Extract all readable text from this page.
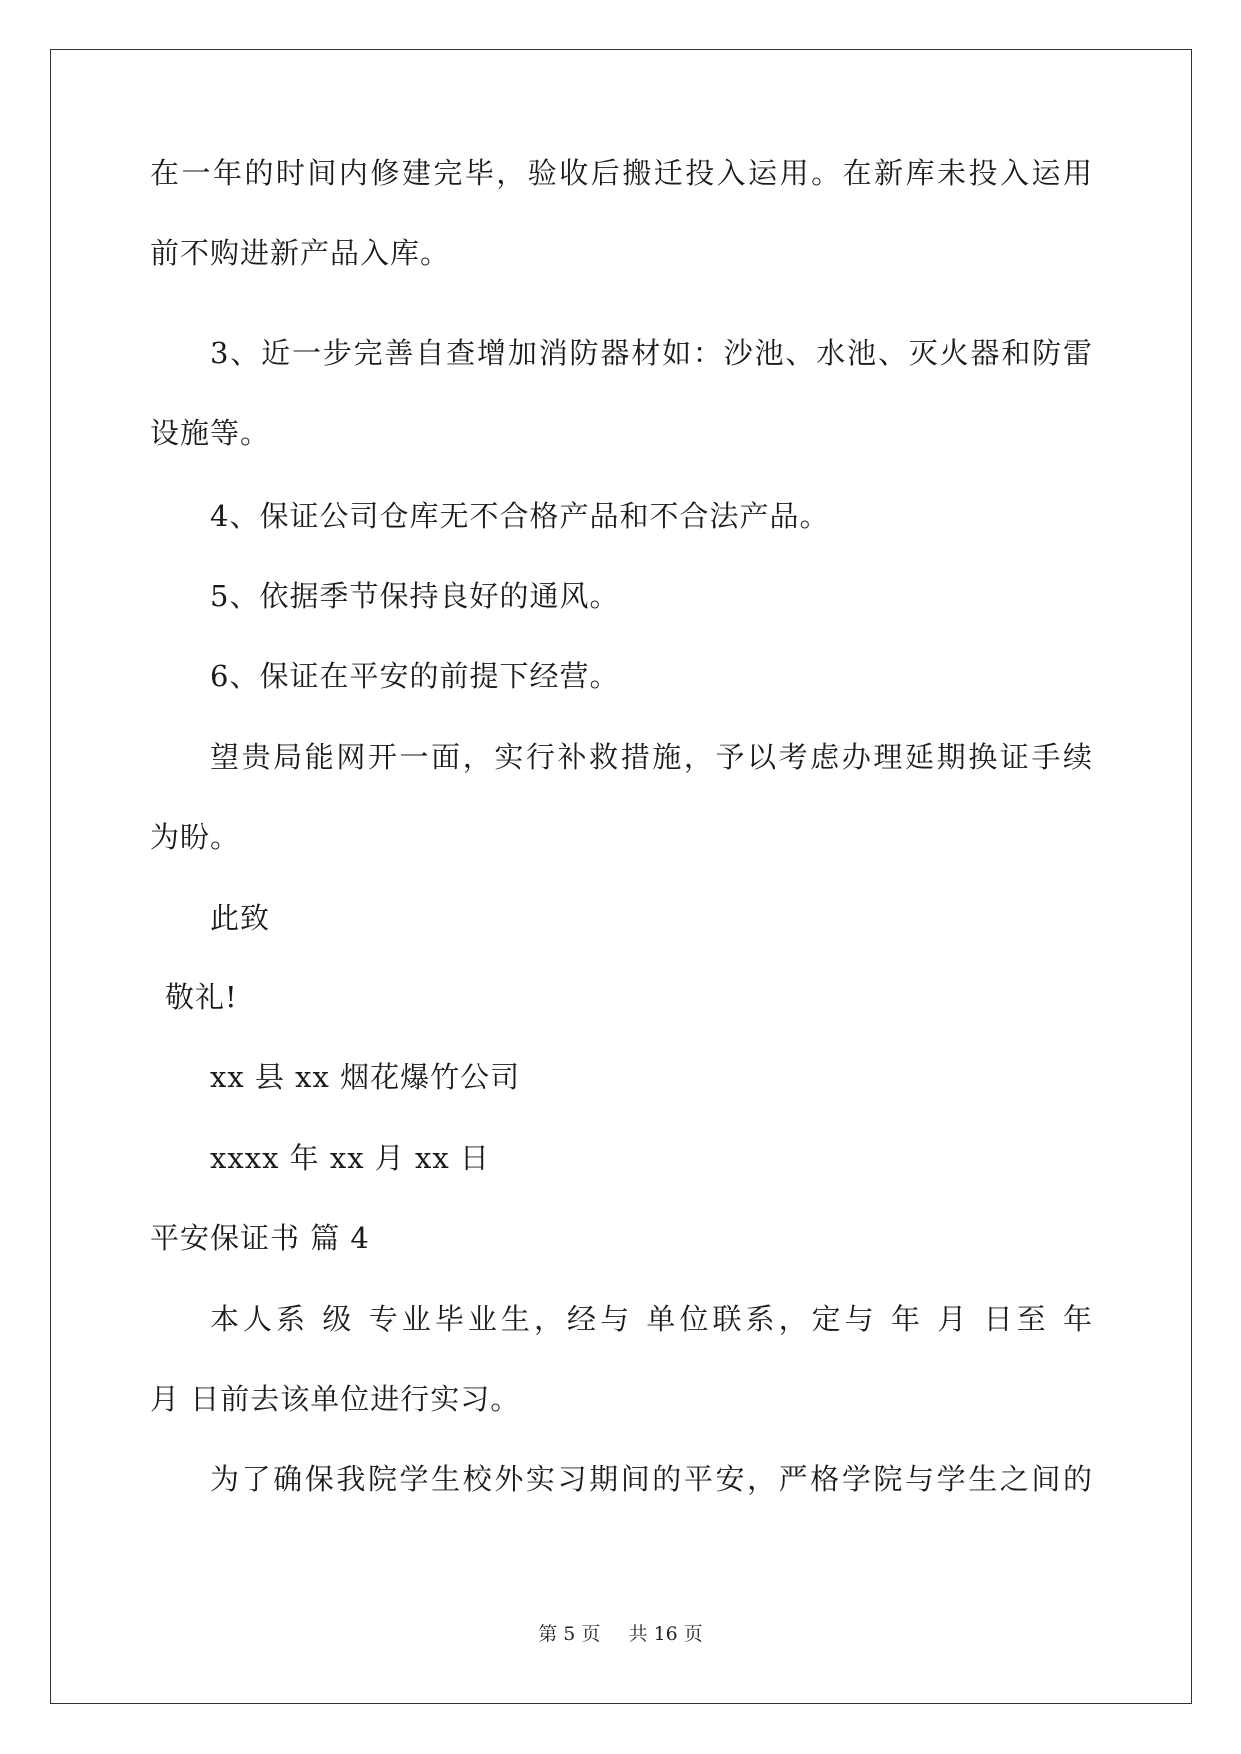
在一年的时间内修建完毕，验收后搬迁投入运用。在新库未投入运用
前不购进新产品入库。
3、近一步完善自查增加消防器材如：沙池、水池、灭火器和防雷
设施等。
4、保证公司仓库无不合格产品和不合法产品。
5、依据季节保持良好的通风。
6、保证在平安的前提下经营。
望贵局能网开一面，实行补救措施，予以考虑办理延期换证手续
为盼。
此致
敬礼!
xx 县 xx 烟花爆竹公司
xxxx 年 xx 月 xx 日
平安保证书 篇 4
本人系 级 专业毕业生，经与 单位联系，定与 年 月 日至 年
月 日前去该单位进行实习。
为了确保我院学生校外实习期间的平安，严格学院与学生之间的
第 5 页 共 16 页
